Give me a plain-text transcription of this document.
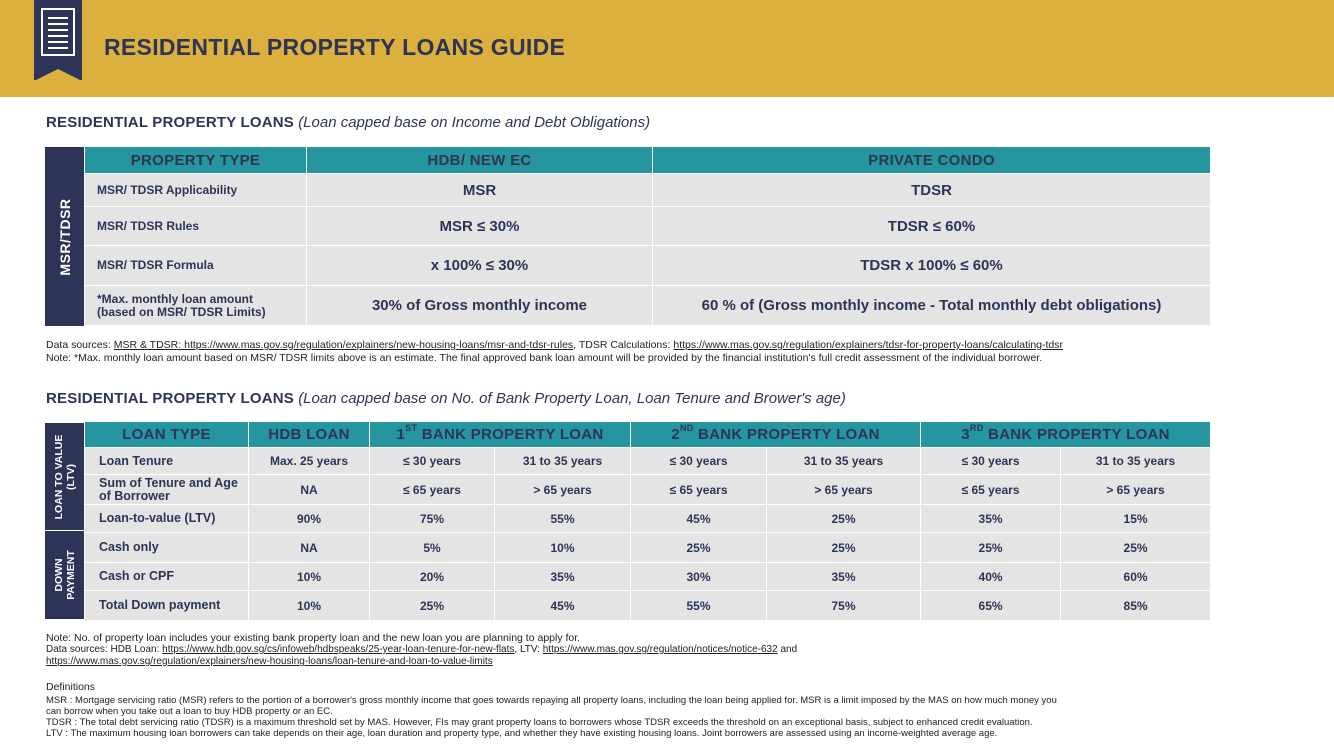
RESIDENTIAL PROPERTY LOANS GUIDE
RESIDENTIAL PROPERTY LOANS (Loan capped base on Income and Debt Obligations)
MSR/TDSR
PROPERTY TYPE	HDB/ NEW EC	PRIVATE CONDO
MSR/ TDSR Applicability	MSR	TDSR
MSR/ TDSR Rules	MSR ≤ 30%	TDSR ≤ 60%
MSR/ TDSR Formula	x 100% ≤ 30%	TDSR x 100% ≤ 60%

*Max. monthly loan amount
(based on MSR/ TDSR Limits)	30% of Gross monthly income	60 % of (Gross monthly income - Total monthly debt obligations)
Data sources: MSR & TDSR: https://www.mas.gov.sg/regulation/explainers/new-housing-loans/msr-and-tdsr-rules, TDSR Calculations: https://www.mas.gov.sg/regulation/explainers/tdsr-for-property-loans/calculating-tdsr
Note: *Max. monthly loan amount based on MSR/ TDSR limits above is an estimate. The final approved bank loan amount will be provided by the financial institution's full credit assessment of the individual borrower.
RESIDENTIAL PROPERTY LOANS (Loan capped base on No. of Bank Property Loan, Loan Tenure and Brower's age)
LOAN TO VALUE (LTV)
DOWN PAYMENT
LOAN TYPE	HDB LOAN	1ST BANK PROPERTY LOAN		2ND BANK PROPERTY LOAN		3RD BANK PROPERTY LOAN	
Loan Tenure	Max. 25 years	≤ 30 years	31 to 35 years	≤ 30 years	31 to 35 years	≤ 30 years	31 to 35 years

Sum of Tenure and Age
of Borrower	NA	≤ 65 years	> 65 years	≤ 65 years	> 65 years	≤ 65 years	> 65 years
Loan-to-value (LTV)	90%	75%	55%	45%	25%	35%	15%
Cash only	NA	5%	10%	25%	25%	25%	25%
Cash or CPF	10%	20%	35%	30%	35%	40%	60%
Total Down payment	10%	25%	45%	55%	75%	65%	85%
Note: No. of property loan includes your existing bank property loan and the new loan you are planning to apply for.
Data sources: HDB Loan: https://www.hdb.gov.sg/cs/infoweb/hdbspeaks/25-year-loan-tenure-for-new-flats, LTV: https://www.mas.gov.sg/regulation/notices/notice-632 and
https://www.mas.gov.sg/regulation/explainers/new-housing-loans/loan-tenure-and-loan-to-value-limits
Definitions
MSR : Mortgage servicing ratio (MSR) refers to the portion of a borrower's gross monthly income that goes towards repaying all property loans, including the loan being applied for. MSR is a limit imposed by the MAS on how much money you
can borrow when you take out a loan to buy HDB property or an EC.
TDSR : The total debt servicing ratio (TDSR) is a maximum threshold set by MAS. However, FIs may grant property loans to borrowers whose TDSR exceeds the threshold on an exceptional basis, subject to enhanced credit evaluation.
LTV : The maximum housing loan borrowers can take depends on their age, loan duration and property type, and whether they have existing housing loans. Joint borrowers are assessed using an income-weighted average age.
